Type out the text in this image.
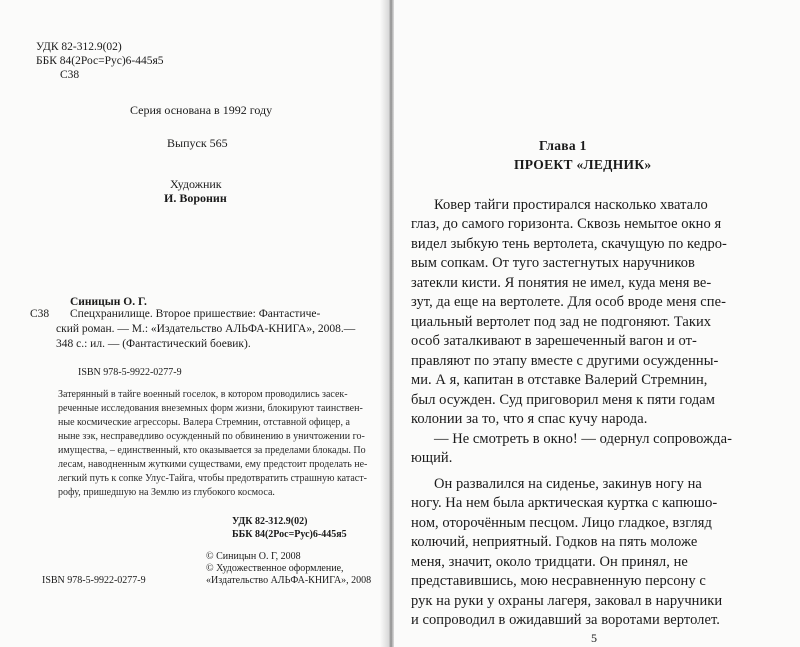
УДК 82-312.9(02)
ББК 84(2Рос=Рус)6-445я5
С38
Серия основана в 1992 году
Выпуск 565
Художник
И. Воронин
С38
Синицын О. Г.
Спецхранилище. Второе пришествие: Фантастиче-
ский роман. — М.: «Издательство АЛЬФА-КНИГА», 2008.—
348 с.: ил. — (Фантастический боевик).
ISBN 978-5-9922-0277-9
Затерянный в тайге военный госелок, в котором проводились засек-
реченные исследования внеземных форм жизни, блокируют таинствен-
ные космические агрессоры. Валера Стремнин, отставной офицер, а
ныне зэк, несправедливо осужденный по обвинению в уничтожении го-
имущества, – единственный, кто оказывается за пределами блокады. По
лесам, наводненным жуткими существами, ему предстоит проделать не-
легкий путь к сопке Улус-Тайга, чтобы предотвратить страшную катаст-
рофу, пришедшую на Землю из глубокого космоса.
УДК 82-312.9(02)
ББК 84(2Рос=Рус)6-445я5
© Синицын О. Г, 2008
© Художественное оформление,
«Издательство АЛЬФА-КНИГА», 2008
ISBN 978-5-9922-0277-9
Глава 1
ПРОЕКТ «ЛЕДНИК»
Ковер тайги простирался насколько хватало
глаз, до самого горизонта. Сквозь немытое окно я
видел зыбкую тень вертолета, скачущую по кедро-
вым сопкам. От туго застегнутых наручников
затекли кисти. Я понятия не имел, куда меня ве-
зут, да еще на вертолете. Для особ вроде меня спе-
циальный вертолет под зад не подгоняют. Таких
особ заталкивают в зарешеченный вагон и от-
правляют по этапу вместе с другими осужденны-
ми. А я, капитан в отставке Валерий Стремнин,
был осужден. Суд приговорил меня к пяти годам
колонии за то, что я спас кучу народа.
— Не смотреть в окно! — одернул сопровожда-
ющий.
Он развалился на сиденье, закинув ногу на
ногу. На нем была арктическая куртка с капюшо-
ном, оторочённым песцом. Лицо гладкое, взгляд
колючий, неприятный. Годков на пять моложе
меня, значит, около тридцати. Он принял, не
представившись, мою несравненную персону с
рук на руки у охраны лагеря, заковал в наручники
и сопроводил в ожидавший за воротами вертолет.
5
